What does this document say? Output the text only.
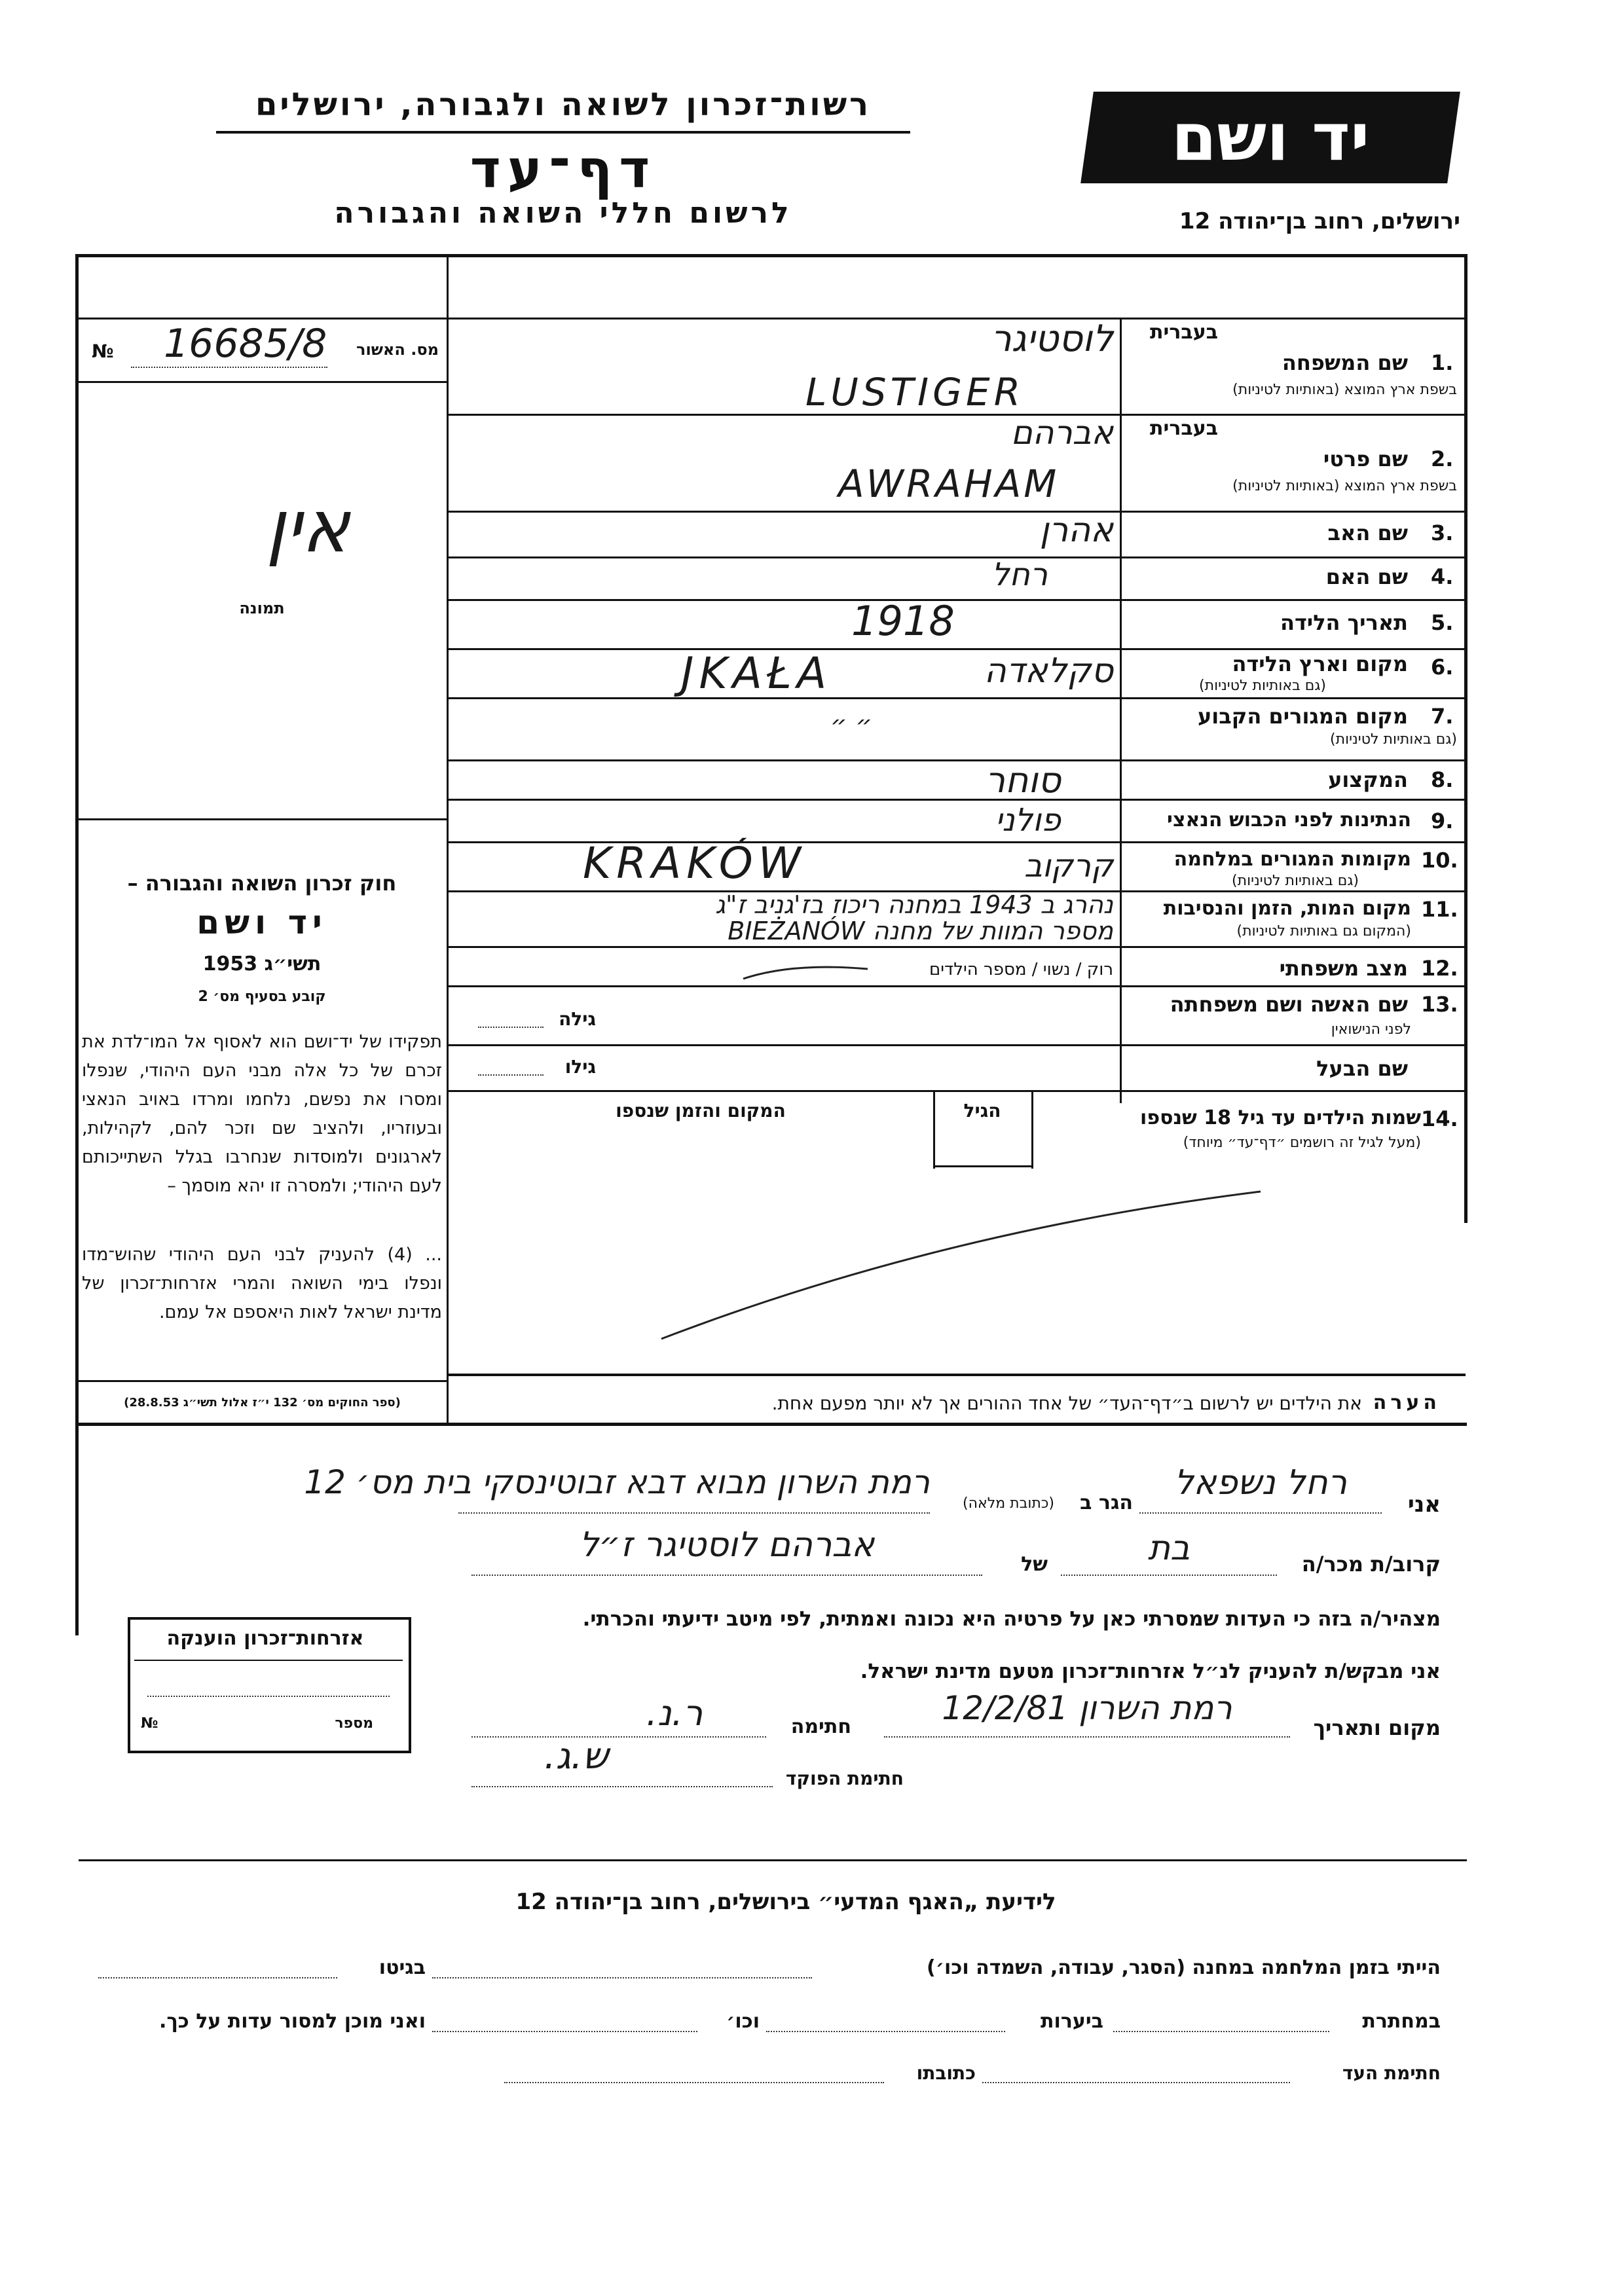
יד ושם
רשות־זכרון לשואה ולגבורה, ירושלים
דף־עד
לרשום חללי השואה והגבורה	ירושלים, רחוב בן־יהודה 12
מס. האשור
№	16685/8
אין
תמונה
חוק זכרון השואה והגבורה –
יד ושם
תשי״ג 1953
קובע בסעיף מס׳ 2
תפקידו של יד־ושם הוא לאסוף אל המו־לדת את זכרם של כל אלה מבני העם היהודי, שנפלו ומסרו את נפשם, נלחמו ומרדו באויב הנאצי ובעוזריו, ולהציב שם וזכר להם, לקהילות, לארגונים ולמוסדות שנחרבו בגלל השתייכותם לעם היהודי; ולמסרה זו יהא מוסמך –
... (4) להעניק לבני העם היהודי שהוש־מדו ונפלו בימי השואה והמרי אזרחות־זכרון של מדינת ישראל לאות היאספם אל עמם.
(ספר החוקים מס׳ 132 י״ז אלול תשי״ג 28.8.53)
בעברית
שם המשפחה 1.
בשפת ארץ המוצא (באותיות לטיניות)
לוסטיגר
LUSTIGER
בעברית
שם פרטי 2.
בשפת ארץ המוצא (באותיות לטיניות)
אברהם
AWRAHAM
שם האב 3.
אהרן
שם האם 4.
רחל
תאריך הלידה 5.
1918
מקום וארץ הלידה 6.
(גם באותיות לטיניות)
סקלאדה
JKAŁA
מקום המגורים הקבוע 7.
(גם באותיות לטיניות)
״ ״
המקצוע 8.
סוחר
הנתינות לפני הכבוש הנאצי 9.
פולני
מקומות המגורים במלחמה 10.
(גם באותיות לטיניות)
קרקוב
KRAKÓW
מקום המות, הזמן והנסיבות 11.
(המקום גם באותיות לטיניות)
נהרג ב 1943 במחנה ריכוז בז'גניב ז"ג
מספר המוות של מחנה BIEŻANÓW
מצב משפחתי 12.
רוק / נשוי / מספר הילדים
שם האשה ושם משפחתה 13.
לפני הנישואין
גילה
שם הבעל
גילו
שמות הילדים עד גיל 18 שנספו 14.
(מעל לגיל זה רושמים ״דף־עד״ מיוחד)
הגיל
המקום והזמן שנספו
הערה
את הילדים יש לרשום ב״דף־העד״ של אחד ההורים אך לא יותר מפעם אחת.
אני
רחל נשפאל
הגר ב
(כתובת מלאה)
רמת השרון מבוא דבא זבוטינסקי בית מס׳ 12
קרוב/ת מכר/ה
בת
של
אברהם לוסטיגר ז״ל
מצהיר/ה בזה כי העדות שמסרתי כאן על פרטיה היא נכונה ואמתית, לפי מיטב ידיעתי והכרתי.
אני מבקש/ת להעניק לנ״ל אזרחות־זכרון מטעם מדינת ישראל.
מקום ותאריך
רמת השרון 12/2/81
חתימה
ר.נ.
חתימת הפוקד
ש.ג.
אזרחות־זכרון הוענקה
מספר
№
לידיעת „האגף המדעי״ בירושלים, רחוב בן־יהודה 12
הייתי בזמן המלחמה במחנה (הסגר, עבודה, השמדה וכו׳)
בגיטו
במחתרת
ביערות
וכו׳
ואני מוכן למסור עדות על כך.
חתימת העד
כתובתו
